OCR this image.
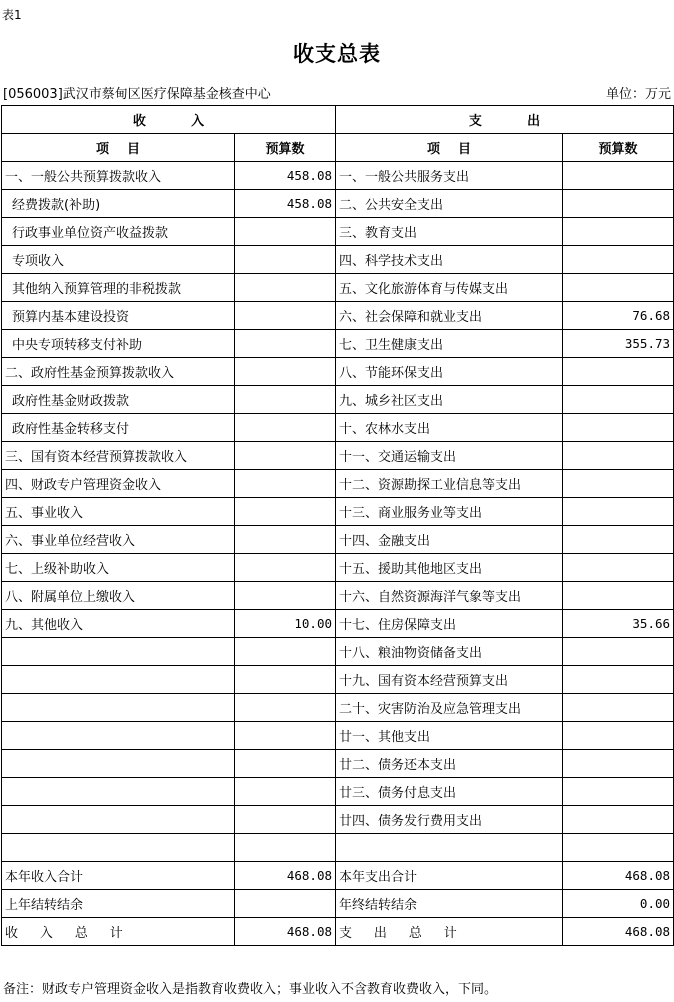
表1
收支总表
[056003]武汉市蔡甸区医疗保障基金核查中心	单位：万元
收          入		支          出	
项    目	预算数	项    目	预算数
一、一般公共预算拨款收入	458.08	一、一般公共服务支出	
经费拨款(补助)	458.08	二、公共安全支出	
行政事业单位资产收益拨款		三、教育支出	
专项收入		四、科学技术支出	
其他纳入预算管理的非税拨款		五、文化旅游体育与传媒支出	
预算内基本建设投资		六、社会保障和就业支出	76.68
中央专项转移支付补助		七、卫生健康支出	355.73
二、政府性基金预算拨款收入		八、节能环保支出	
政府性基金财政拨款		九、城乡社区支出	
政府性基金转移支付		十、农林水支出	
三、国有资本经营预算拨款收入		十一、交通运输支出	
四、财政专户管理资金收入		十二、资源勘探工业信息等支出	
五、事业收入		十三、商业服务业等支出	
六、事业单位经营收入		十四、金融支出	
七、上级补助收入		十五、援助其他地区支出	
八、附属单位上缴收入		十六、自然资源海洋气象等支出	
九、其他收入	10.00	十七、住房保障支出	35.66
		十八、粮油物资储备支出	
		十九、国有资本经营预算支出	
		二十、灾害防治及应急管理支出	
		廿一、其他支出	
		廿二、债务还本支出	
		廿三、债务付息支出	
		廿四、债务发行费用支出	

本年收入合计	468.08	本年支出合计	468.08
上年结转结余		年终结转结余	0.00
收  入  总  计	468.08	支  出  总  计	468.08
备注：财政专户管理资金收入是指教育收费收入；事业收入不含教育收费收入，下同。
